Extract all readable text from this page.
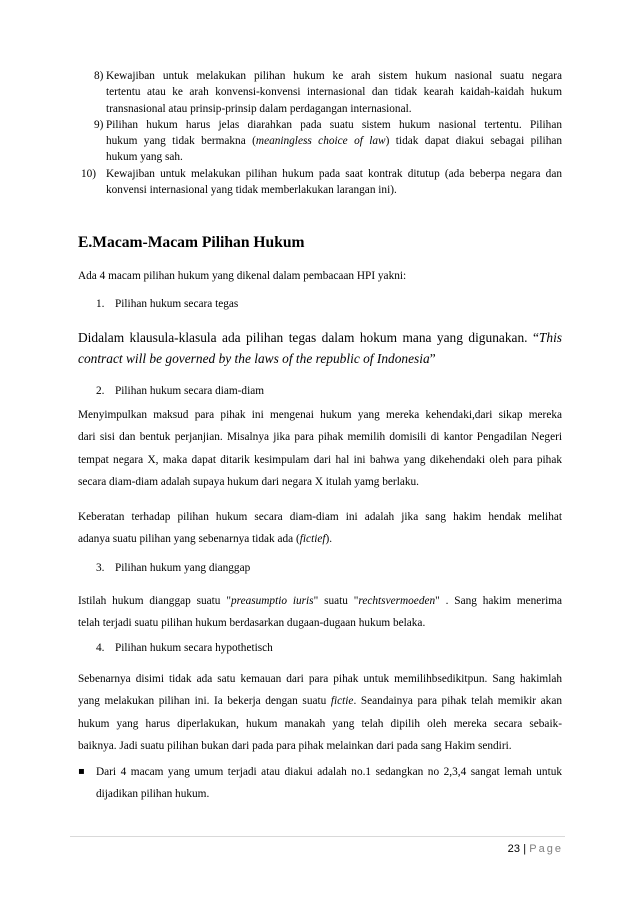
8) Kewajiban untuk melakukan pilihan hukum ke arah sistem hukum nasional suatu negara
tertentu atau ke arah konvensi-konvensi internasional dan tidak kearah kaidah-kaidah hukum
transnasional atau prinsip-prinsip dalam perdagangan internasional.
9) Pilihan hukum harus jelas diarahkan pada suatu sistem hukum nasional tertentu. Pilihan
hukum yang tidak bermakna (meaningless choice of law) tidak dapat diakui sebagai pilihan
hukum yang sah.
10) Kewajiban untuk melakukan pilihan hukum pada saat kontrak ditutup (ada beberpa negara dan
konvensi internasional yang tidak memberlakukan larangan ini).
E.Macam-Macam Pilihan Hukum
Ada 4 macam pilihan hukum yang dikenal dalam pembacaan HPI yakni:
1. Pilihan hukum secara tegas
Didalam klausula-klasula ada pilihan tegas dalam hokum mana yang digunakan. “This
contract will be governed by the laws of the republic of Indonesia”
2. Pilihan hukum secara diam-diam
Menyimpulkan maksud para pihak ini mengenai hukum yang mereka kehendaki,dari sikap mereka
dari sisi dan bentuk perjanjian. Misalnya jika para pihak memilih domisili di kantor Pengadilan Negeri
tempat negara X, maka dapat ditarik kesimpulam dari hal ini bahwa yang dikehendaki oleh para pihak
secara diam-diam adalah supaya hukum dari negara X itulah yamg berlaku.
Keberatan terhadap pilihan hukum secara diam-diam ini adalah jika sang hakim hendak melihat
adanya suatu pilihan yang sebenarnya tidak ada (fictief).
3. Pilihan hukum yang dianggap
Istilah hukum dianggap suatu "preasumptio iuris" suatu "rechtsvermoeden" . Sang hakim menerima
telah terjadi suatu pilihan hukum berdasarkan dugaan-dugaan hukum belaka.
4. Pilihan hukum secara hypothetisch
Sebenarnya disimi tidak ada satu kemauan dari para pihak untuk memilihbsedikitpun. Sang hakimlah
yang melakukan pilihan ini. Ia bekerja dengan suatu fictie. Seandainya para pihak telah memikir akan
hukum yang harus diperlakukan, hukum manakah yang telah dipilih oleh mereka secara sebaik-
baiknya. Jadi suatu pilihan bukan dari pada para pihak melainkan dari pada sang Hakim sendiri.
▪ Dari 4 macam yang umum terjadi atau diakui adalah no.1 sedangkan no 2,3,4 sangat lemah untuk
dijadikan pilihan hukum.
23 | Page
